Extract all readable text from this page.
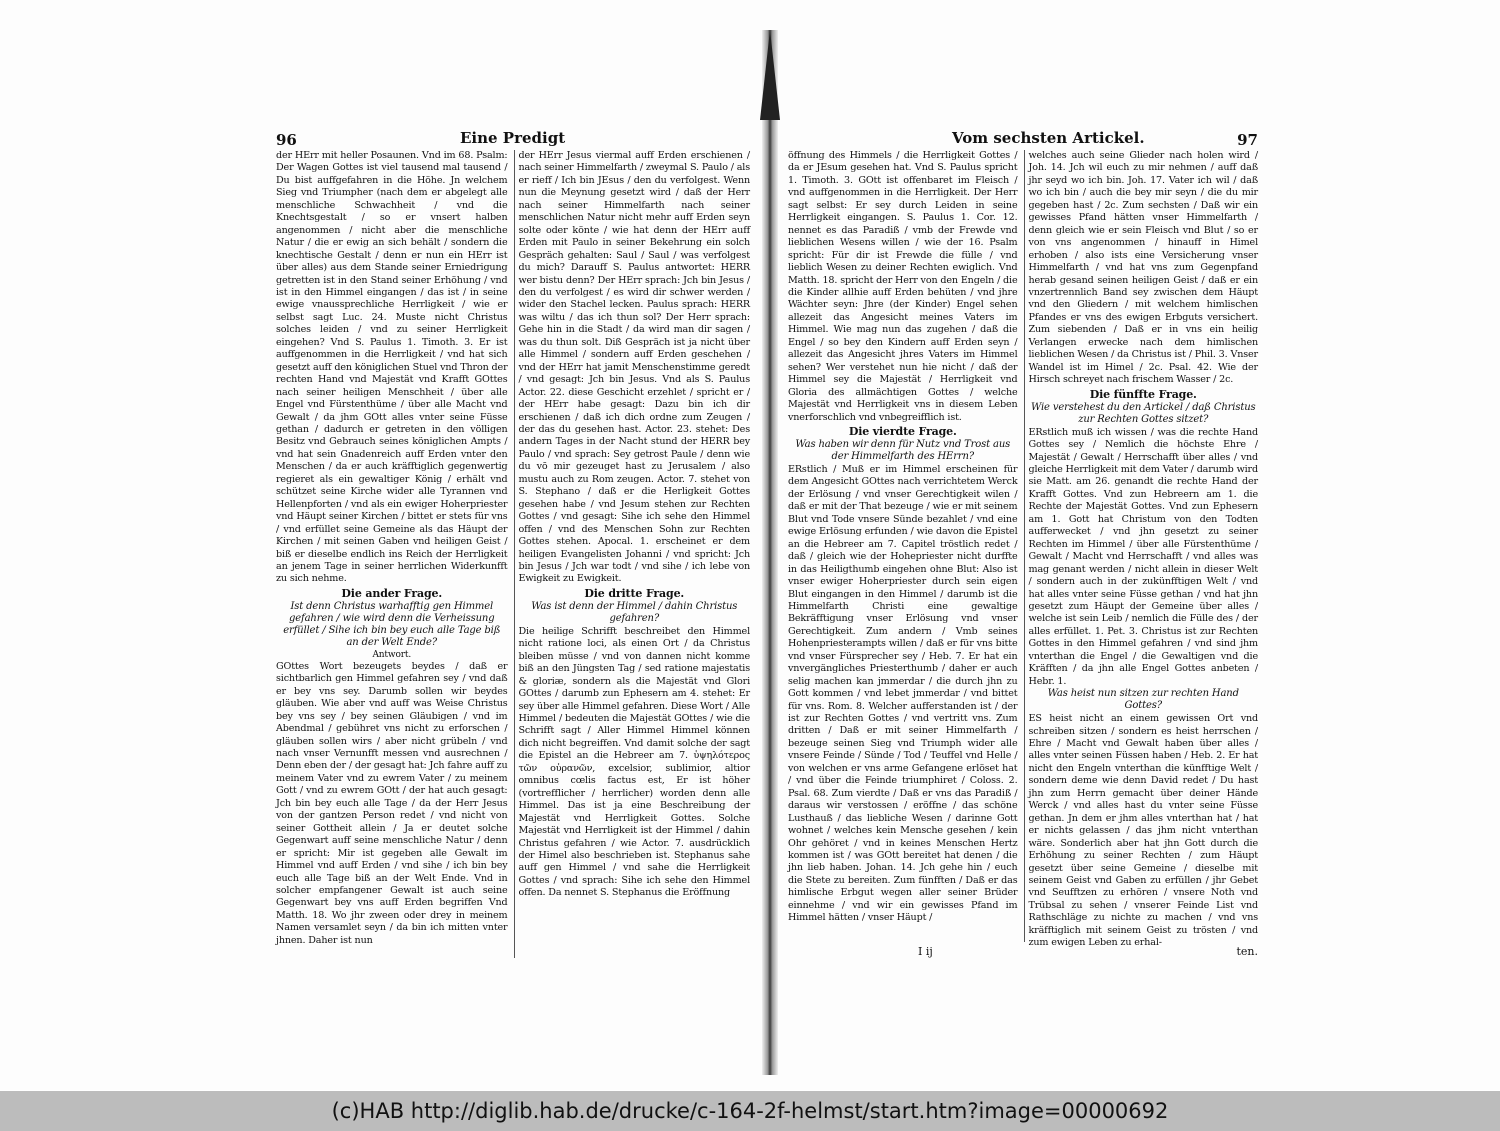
96	Eine Predigt

der HErr mit heller Posaunen. Vnd im 68. Psalm: Der Wagen Gottes ist viel tausend mal tausend / Du bist auffgefahren in die Höhe. Jn welchem Sieg vnd Triumpher (nach dem er abgelegt alle menschliche Schwachheit / vnd die Knechtsgestalt / so er vnsert halben angenommen / nicht aber die menschliche Natur / die er ewig an sich behält / sondern die knechtische Gestalt / denn er nun ein HErr ist über alles) aus dem Stande seiner Erniedrigung getretten ist in den Stand seiner Erhöhung / vnd ist in den Himmel eingangen / das ist / in seine ewige vnaussprechliche Herrligkeit / wie er selbst sagt Luc. 24. Muste nicht Christus solches leiden / vnd zu seiner Herrligkeit eingehen? Vnd S. Paulus 1. Timoth. 3. Er ist auffgenommen in die Herrligkeit / vnd hat sich gesetzt auff den königlichen Stuel vnd Thron der rechten Hand vnd Majestät vnd Krafft GOttes nach seiner heiligen Menschheit / über alle Engel vnd Fürstenthüme / über alle Macht vnd Gewalt / da jhm GOtt alles vnter seine Füsse gethan / dadurch er getreten in den völligen Besitz vnd Gebrauch seines königlichen Ampts / vnd hat sein Gnadenreich auff Erden vnter den Menschen / da er auch kräfftiglich gegenwertig regieret als ein gewaltiger König / erhält vnd schützet seine Kirche wider alle Tyrannen vnd Hellenpforten / vnd als ein ewiger Hoherpriester vnd Häupt seiner Kirchen / bittet er stets für vns / vnd erfüllet seine Gemeine als das Häupt der Kirchen / mit seinen Gaben vnd heiligen Geist / biß er dieselbe endlich ins Reich der Herrligkeit an jenem Tage in seiner herrlichen Widerkunfft zu sich nehme.

Die ander Frage.
Ist denn Christus warhafftig gen Himmel gefahren / wie wird denn die Verheissung erfüllet / Sihe ich bin bey euch alle Tage biß an der Welt Ende?
Antwort.

GOttes Wort bezeugets beydes / daß er sichtbarlich gen Himmel gefahren sey / vnd daß er bey vns sey. Darumb sollen wir beydes gläuben. Wie aber vnd auff was Weise Christus bey vns sey / bey seinen Gläubigen / vnd im Abendmal / gebühret vns nicht zu erforschen / gläuben sollen wirs / aber nicht grübeln / vnd nach vnser Vernunfft messen vnd ausrechnen / Denn eben der / der gesagt hat: Jch fahre auff zu meinem Vater vnd zu ewrem Vater / zu meinem Gott / vnd zu ewrem GOtt / der hat auch gesagt: Jch bin bey euch alle Tage / da der Herr Jesus von der gantzen Person redet / vnd nicht von seiner Gottheit allein / Ja er deutet solche Gegenwart auff seine menschliche Natur / denn er spricht: Mir ist gegeben alle Gewalt im Himmel vnd auff Erden / vnd sihe / ich bin bey euch alle Tage biß an der Welt Ende. Vnd in solcher empfangener Gewalt ist auch seine Gegenwart bey vns auff Erden begriffen Vnd Matth. 18. Wo jhr zween oder drey in meinem Namen versamlet seyn / da bin ich mitten vnter jhnen. Daher ist nun

der HErr Jesus viermal auff Erden erschienen / nach seiner Himmelfarth / zweymal S. Paulo / als er rieff / Ich bin JEsus / den du verfolgest. Wenn nun die Meynung gesetzt wird / daß der Herr nach seiner Himmelfarth nach seiner menschlichen Natur nicht mehr auff Erden seyn solte oder könte / wie hat denn der HErr auff Erden mit Paulo in seiner Bekehrung ein solch Gespräch gehalten: Saul / Saul / was verfolgest du mich? Darauff S. Paulus antwortet: HERR wer bistu denn? Der HErr sprach: Jch bin Jesus / den du verfolgest / es wird dir schwer werden / wider den Stachel lecken. Paulus sprach: HERR was wiltu / das ich thun sol? Der Herr sprach: Gehe hin in die Stadt / da wird man dir sagen / was du thun solt. Diß Gespräch ist ja nicht über alle Himmel / sondern auff Erden geschehen / vnd der HErr hat jamit Menschenstimme geredt / vnd gesagt: Jch bin Jesus. Vnd als S. Paulus Actor. 22. diese Geschicht erzehlet / spricht er / der HErr habe gesagt: Dazu bin ich dir erschienen / daß ich dich ordne zum Zeugen / der das du gesehen hast. Actor. 23. stehet: Des andern Tages in der Nacht stund der HERR bey Paulo / vnd sprach: Sey getrost Paule / denn wie du vō mir gezeuget hast zu Jerusalem / also mustu auch zu Rom zeugen. Actor. 7. stehet von S. Stephano / daß er die Herligkeit Gottes gesehen habe / vnd Jesum stehen zur Rechten Gottes / vnd gesagt: Sihe ich sehe den Himmel offen / vnd des Menschen Sohn zur Rechten Gottes stehen. Apocal. 1. erscheinet er dem heiligen Evangelisten Johanni / vnd spricht: Jch bin Jesus / Jch war todt / vnd sihe / ich lebe von Ewigkeit zu Ewigkeit.

Die dritte Frage.
Was ist denn der Himmel / dahin Christus gefahren?

Die heilige Schrifft beschreibet den Himmel nicht ratione loci, als einen Ort / da Christus bleiben müsse / vnd von dannen nicht komme biß an den Jüngsten Tag / sed ratione majestatis & gloriæ, sondern als die Majestät vnd Glori GOttes / darumb zun Ephesern am 4. stehet: Er sey über alle Himmel gefahren. Diese Wort / Alle Himmel / bedeuten die Majestät GOttes / wie die Schrifft sagt / Aller Himmel Himmel können dich nicht begreiffen. Vnd damit solche der sagt die Epistel an die Hebreer am 7. ὑψηλότερος τῶν οὐρανῶν, excelsior, sublimior, altior omnibus cœlis factus est, Er ist höher (vortrefflicher / herrlicher) worden denn alle Himmel. Das ist ja eine Beschreibung der Majestät vnd Herrligkeit Gottes. Solche Majestät vnd Herrligkeit ist der Himmel / dahin Christus gefahren / wie Actor. 7. ausdrücklich der Himel also beschrieben ist. Stephanus sahe auff gen Himmel / vnd sahe die Herrligkeit Gottes / vnd sprach: Sihe ich sehe den Himmel offen. Da nennet S. Stephanus die Eröffnung

Vom sechsten Artickel.	97

öffnung des Himmels / die Herrligkeit Gottes / da er JEsum gesehen hat. Vnd S. Paulus spricht 1. Timoth. 3. GOtt ist offenbaret im Fleisch / vnd auffgenommen in die Herrligkeit. Der Herr sagt selbst: Er sey durch Leiden in seine Herrligkeit eingangen. S. Paulus 1. Cor. 12. nennet es das Paradiß / vmb der Frewde vnd lieblichen Wesens willen / wie der 16. Psalm spricht: Für dir ist Frewde die fülle / vnd lieblich Wesen zu deiner Rechten ewiglich. Vnd Matth. 18. spricht der Herr von den Engeln / die die Kinder allhie auff Erden behüten / vnd jhre Wächter seyn: Jhre (der Kinder) Engel sehen allezeit das Angesicht meines Vaters im Himmel. Wie mag nun das zugehen / daß die Engel / so bey den Kindern auff Erden seyn / allezeit das Angesicht jhres Vaters im Himmel sehen? Wer verstehet nun hie nicht / daß der Himmel sey die Majestät / Herrligkeit vnd Gloria des allmächtigen Gottes / welche Majestät vnd Herrligkeit vns in diesem Leben vnerforschlich vnd vnbegreifflich ist.

Die vierdte Frage.
Was haben wir denn für Nutz vnd Trost aus der Himmelfarth des HErrn?

ERstlich / Muß er im Himmel erscheinen für dem Angesicht GOttes nach verrichtetem Werck der Erlösung / vnd vnser Gerechtigkeit wilen / daß er mit der That bezeuge / wie er mit seinem Blut vnd Tode vnsere Sünde bezahlet / vnd eine ewige Erlösung erfunden / wie davon die Epistel an die Hebreer am 7. Capitel tröstlich redet / daß / gleich wie der Hohepriester nicht durffte in das Heiligthumb eingehen ohne Blut: Also ist vnser ewiger Hoherpriester durch sein eigen Blut eingangen in den Himmel / darumb ist die Himmelfarth Christi eine gewaltige Bekräfftigung vnser Erlösung vnd vnser Gerechtigkeit. Zum andern / Vmb seines Hohenpriesterampts willen / daß er für vns bitte vnd vnser Fürsprecher sey / Heb. 7. Er hat ein vnvergängliches Priesterthumb / daher er auch selig machen kan jmmerdar / die durch jhn zu Gott kommen / vnd lebet jmmerdar / vnd bittet für vns. Rom. 8. Welcher aufferstanden ist / der ist zur Rechten Gottes / vnd vertritt vns. Zum dritten / Daß er mit seiner Himmelfarth / bezeuge seinen Sieg vnd Triumph wider alle vnsere Feinde / Sünde / Tod / Teuffel vnd Helle / von welchen er vns arme Gefangene erlöset hat / vnd über die Feinde triumphiret / Coloss. 2. Psal. 68. Zum vierdte / Daß er vns das Paradiß / daraus wir verstossen / eröffne / das schöne Lusthauß / das liebliche Wesen / darinne Gott wohnet / welches kein Mensche gesehen / kein Ohr gehöret / vnd in keines Menschen Hertz kommen ist / was GOtt bereitet hat denen / die jhn lieb haben. Johan. 14. Jch gehe hin / euch die Stete zu bereiten. Zum fünfften / Daß er das himlische Erbgut wegen aller seiner Brüder einnehme / vnd wir ein gewisses Pfand im Himmel hätten / vnser Häupt /

welches auch seine Glieder nach holen wird / Joh. 14. Jch wil euch zu mir nehmen / auff daß jhr seyd wo ich bin. Joh. 17. Vater ich wil / daß wo ich bin / auch die bey mir seyn / die du mir gegeben hast / 2c. Zum sechsten / Daß wir ein gewisses Pfand hätten vnser Himmelfarth / denn gleich wie er sein Fleisch vnd Blut / so er von vns angenommen / hinauff in Himel erhoben / also ists eine Versicherung vnser Himmelfarth / vnd hat vns zum Gegenpfand herab gesand seinen heiligen Geist / daß er ein vnzertrennlich Band sey zwischen dem Häupt vnd den Gliedern / mit welchem himlischen Pfandes er vns des ewigen Erbguts versichert. Zum siebenden / Daß er in vns ein heilig Verlangen erwecke nach dem himlischen lieblichen Wesen / da Christus ist / Phil. 3. Vnser Wandel ist im Himel / 2c. Psal. 42. Wie der Hirsch schreyet nach frischem Wasser / 2c.

Die fünffte Frage.
Wie verstehest du den Artickel / daß Christus zur Rechten Gottes sitzet?

ERstlich muß ich wissen / was die rechte Hand Gottes sey / Nemlich die höchste Ehre / Majestät / Gewalt / Herrschafft über alles / vnd gleiche Herrligkeit mit dem Vater / darumb wird sie Matt. am 26. genandt die rechte Hand der Krafft Gottes. Vnd zun Hebreern am 1. die Rechte der Majestät Gottes. Vnd zun Ephesern am 1. Gott hat Christum von den Todten aufferwecket / vnd jhn gesetzt zu seiner Rechten im Himmel / über alle Fürstenthüme / Gewalt / Macht vnd Herrschafft / vnd alles was mag genant werden / nicht allein in dieser Welt / sondern auch in der zukünfftigen Welt / vnd hat alles vnter seine Füsse gethan / vnd hat jhn gesetzt zum Häupt der Gemeine über alles / welche ist sein Leib / nemlich die Fülle des / der alles erfüllet. 1. Pet. 3. Christus ist zur Rechten Gottes in den Himmel gefahren / vnd sind jhm vnterthan die Engel / die Gewaltigen vnd die Kräfften / da jhn alle Engel Gottes anbeten / Hebr. 1.

Was heist nun sitzen zur rechten Hand Gottes?

ES heist nicht an einem gewissen Ort vnd schreiben sitzen / sondern es heist herrschen / Ehre / Macht vnd Gewalt haben über alles / alles vnter seinen Füssen haben / Heb. 2. Er hat nicht den Engeln vnterthan die künfftige Welt / sondern deme wie denn David redet / Du hast jhn zum Herrn gemacht über deiner Hände Werck / vnd alles hast du vnter seine Füsse gethan. Jn dem er jhm alles vnterthan hat / hat er nichts gelassen / das jhm nicht vnterthan wäre. Sonderlich aber hat jhn Gott durch die Erhöhung zu seiner Rechten / zum Häupt gesetzt über seine Gemeine / dieselbe mit seinem Geist vnd Gaben zu erfüllen / jhr Gebet vnd Seufftzen zu erhören / vnsere Noth vnd Trübsal zu sehen / vnserer Feinde List vnd Rathschläge zu nichte zu machen / vnd vns kräfftiglich mit seinem Geist zu trösten / vnd zum ewigen Leben zu erhal-

I ij	ten.
(c)HAB http://diglib.hab.de/drucke/c-164-2f-helmst/start.htm?image=00000692
